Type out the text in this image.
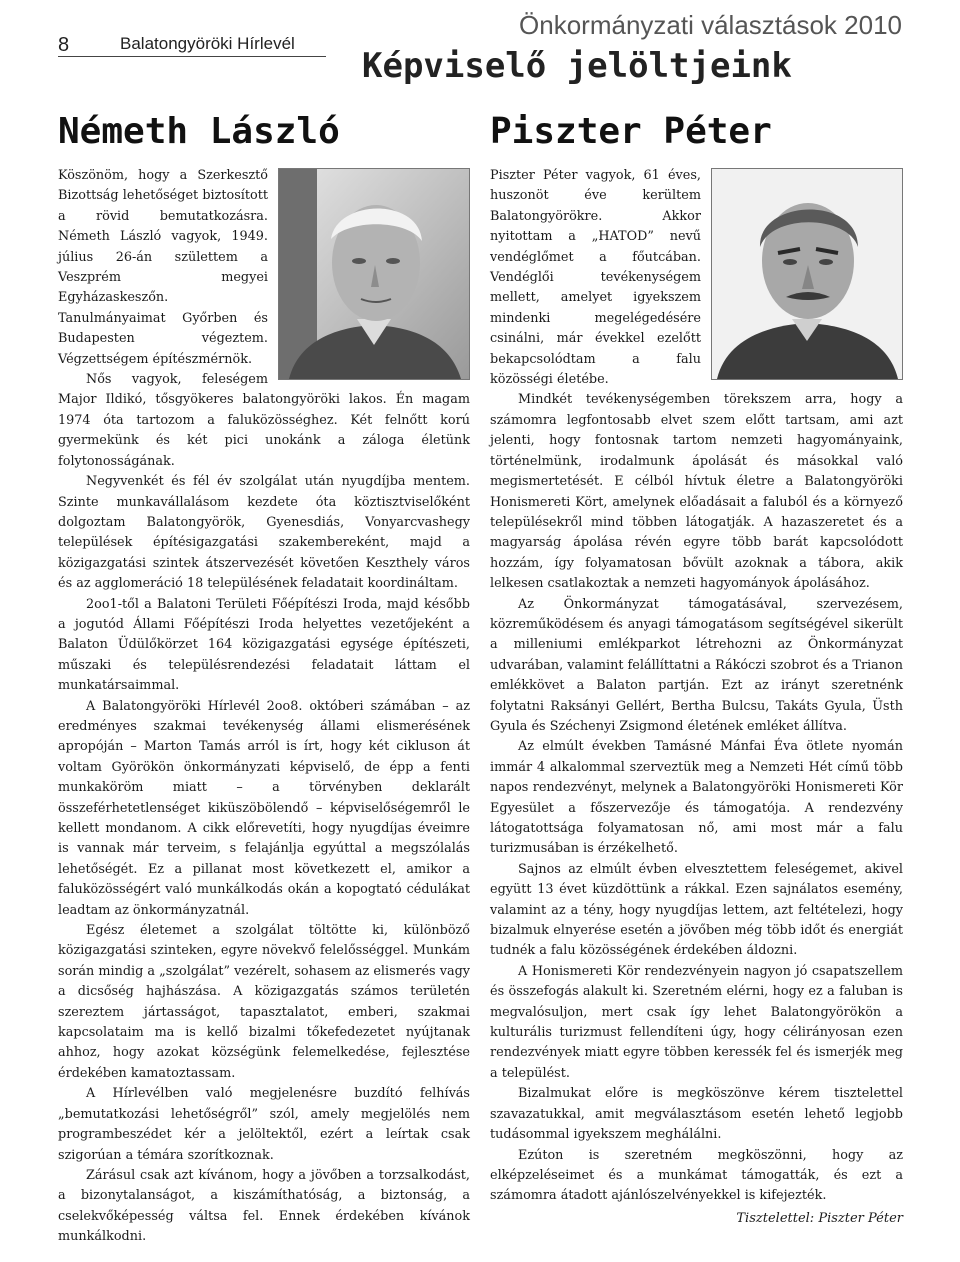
8	Balatongyöröki Hírlevél
Önkormányzati választások 2010
Képviselő jelöltjeink
Németh László

Köszönöm, hogy a Szerkesztő Bizottság lehetőséget biztosított a rövid bemutatkozásra. Németh László vagyok, 1949. július 26-án születtem a Veszprém megyei Egyházaskeszőn. Tanulmányaimat Győrben és Budapesten végeztem. Végzettségem építészmérnök.

Nős vagyok, feleségem Major Ildikó, tősgyökeres balatongyöröki lakos. Én magam 1974 óta tartozom a faluközösséghez. Két felnőtt korú gyermekünk és két pici unokánk a záloga életünk folytonosságának.

Negyvenkét és fél év szolgálat után nyugdíjba mentem. Szinte munkavállalásom kezdete óta köztisztviselőként dolgoztam Balatongyörök, Gyenesdiás, Vonyarcvashegy települések építésigazgatási szakembereként, majd a közigazgatási szintek átszervezését követően Keszthely város és az agglomeráció 18 településének feladatait koordináltam.

2oo1-től a Balatoni Területi Főépítészi Iroda, majd később a jogutód Állami Főépítészi Iroda helyettes vezetőjeként a Balaton Üdülőkörzet 164 közigazgatási egysége építészeti, műszaki és településrendezési feladatait láttam el munkatársaimmal.

A Balatongyöröki Hírlevél 2oo8. októberi számában – az eredményes szakmai tevékenység állami elismerésének apropóján – Marton Tamás arról is írt, hogy két cikluson át voltam Györökön önkormányzati képviselő, de épp a fenti munkaköröm miatt – a törvényben deklarált összeférhetetlenséget kiküszöbölendő – képviselőségemről le kellett mondanom. A cikk előrevetíti, hogy nyugdíjas éveimre is vannak már terveim, s felajánlja egyúttal a megszólalás lehetőségét. Ez a pillanat most következett el, amikor a faluközösségért való munkálkodás okán a kopogtató cédulákat leadtam az önkormányzatnál.

Egész életemet a szolgálat töltötte ki, különböző közigazgatási szinteken, egyre növekvő felelősséggel. Munkám során mindig a „szolgálat” vezérelt, sohasem az elismerés vagy a dicsőség hajhászása. A közigazgatás számos területén szereztem jártasságot, tapasztalatot, emberi, szakmai kapcsolataim ma is kellő bizalmi tőkefedezetet nyújtanak ahhoz, hogy azokat községünk felemelkedése, fejlesztése érdekében kamatoztassam.

A Hírlevélben való megjelenésre buzdító felhívás „bemutatkozási lehetőségről” szól, amely megjelölés nem programbeszédet kér a jelöltektől, ezért a leírtak csak szigorúan a témára szorítkoznak.

Zárásul csak azt kívánom, hogy a jövőben a torzsalkodást, a bizonytalanságot, a kiszámíthatóság, a biztonság, a cselekvőképesség váltsa fel. Ennek érdekében kívánok munkálkodni.

Piszter Péter

Piszter Péter vagyok, 61 éves, huszonöt éve kerültem Balatongyörökre. Akkor nyitottam a „HATOD” nevű vendéglőmet a főutcában. Vendéglői tevékenységem mellett, amelyet igyekszem mindenki megelégedésére csinálni, már évekkel ezelőtt bekapcsolódtam a falu közösségi életébe.

Mindkét tevékenységemben törekszem arra, hogy a számomra legfontosabb elvet szem előtt tartsam, ami azt jelenti, hogy fontosnak tartom nemzeti hagyományaink, történelmünk, irodalmunk ápolását és másokkal való megismertetését. E célból hívtuk életre a Balatongyöröki Honismereti Kört, amelynek előadásait a faluból és a környező településekről mind többen látogatják. A hazaszeretet és a magyarság ápolása révén egyre több barát kapcsolódott hozzám, így folyamatosan bővült azoknak a tábora, akik lelkesen csatlakoztak a nemzeti hagyományok ápolásához.

Az Önkormányzat támogatásával, szervezésem, közreműködésem és anyagi támogatásom segítségével sikerült a milleniumi emlékparkot létrehozni az Önkormányzat udvarában, valamint felállíttatni a Rákóczi szobrot és a Trianon emlékkövet a Balaton partján. Ezt az irányt szeretnénk folytatni Raksányi Gellért, Bertha Bulcsu, Takáts Gyula, Üsth Gyula és Széchenyi Zsigmond életének emléket állítva.

Az elmúlt években Tamásné Mánfai Éva ötlete nyomán immár 4 alkalommal szerveztük meg a Nemzeti Hét című több napos rendezvényt, melynek a Balatongyöröki Honismereti Kör Egyesület a főszervezője és támogatója. A rendezvény látogatottsága folyamatosan nő, ami most már a falu turizmusában is érzékelhető.

Sajnos az elmúlt évben elvesztettem feleségemet, akivel együtt 13 évet küzdöttünk a rákkal. Ezen sajnálatos esemény, valamint az a tény, hogy nyugdíjas lettem, azt feltételezi, hogy bizalmuk elnyerése esetén a jövőben még több időt és energiát tudnék a falu közösségének érdekében áldozni.

A Honismereti Kör rendezvényein nagyon jó csapatszellem és összefogás alakult ki. Szeretném elérni, hogy ez a faluban is megvalósuljon, mert csak így lehet Balatongyörökön a kulturális turizmust fellendíteni úgy, hogy célirányosan ezen rendezvények miatt egyre többen keressék fel és ismerjék meg a települést.

Bizalmukat előre is megköszönve kérem tisztelettel szavazatukkal, amit megválasztásom esetén lehető legjobb tudásommal igyekszem meghálálni.

Ezúton is szeretném megköszönni, hogy az elképzeléseimet és a munkámat támogatták, és ezt a számomra átadott ajánlószelvényekkel is kifejezték.

Tisztelettel: Piszter Péter
